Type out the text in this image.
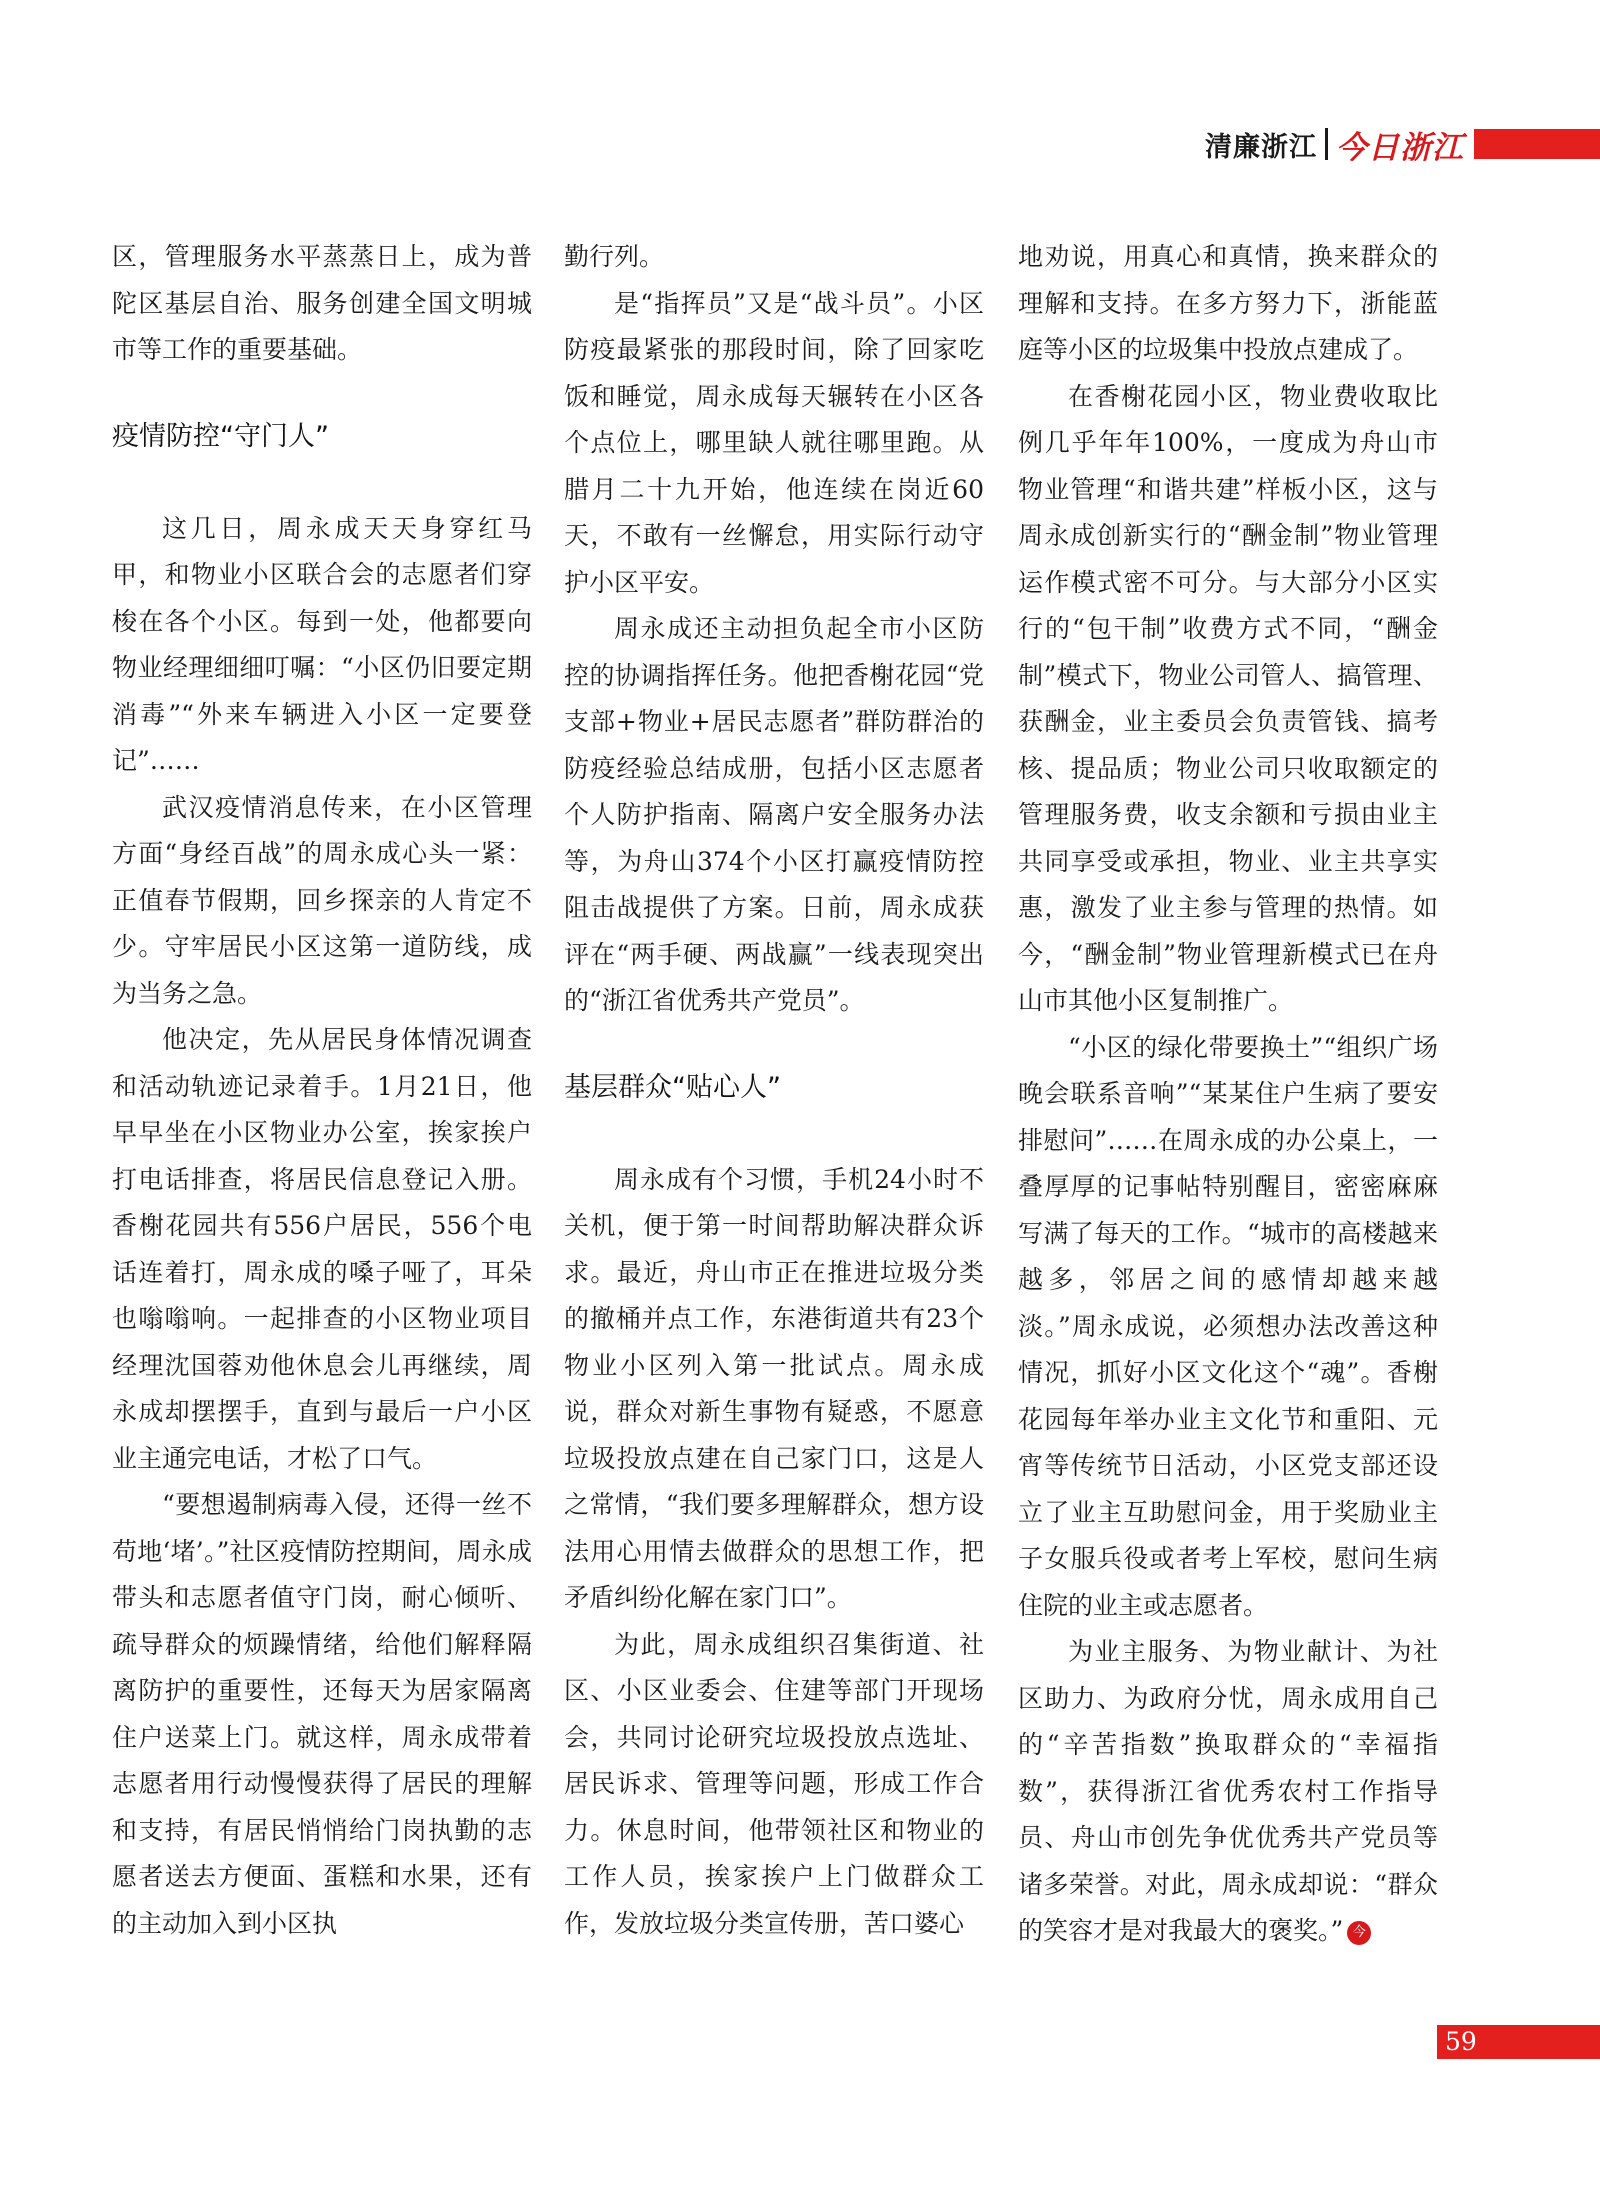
清廉浙江 今日浙江

区，管理服务水平蒸蒸日上，成为普陀区基层自治、服务创建全国文明城市等工作的重要基础。

疫情防控“守门人”

这几日，周永成天天身穿红马甲，和物业小区联合会的志愿者们穿梭在各个小区。每到一处，他都要向物业经理细细叮嘱：“小区仍旧要定期消毒”“外来车辆进入小区一定要登记”……

武汉疫情消息传来，在小区管理方面“身经百战”的周永成心头一紧：正值春节假期，回乡探亲的人肯定不少。守牢居民小区这第一道防线，成为当务之急。

他决定，先从居民身体情况调查和活动轨迹记录着手。1月21日，他早早坐在小区物业办公室，挨家挨户打电话排查，将居民信息登记入册。香榭花园共有556户居民，556个电话连着打，周永成的嗓子哑了，耳朵也嗡嗡响。一起排查的小区物业项目经理沈国蓉劝他休息会儿再继续，周永成却摆摆手，直到与最后一户小区业主通完电话，才松了口气。

“要想遏制病毒入侵，还得一丝不苟地‘堵’。”社区疫情防控期间，周永成带头和志愿者值守门岗，耐心倾听、疏导群众的烦躁情绪，给他们解释隔离防护的重要性，还每天为居家隔离住户送菜上门。就这样，周永成带着志愿者用行动慢慢获得了居民的理解和支持，有居民悄悄给门岗执勤的志愿者送去方便面、蛋糕和水果，还有的主动加入到小区执

勤行列。

是“指挥员”又是“战斗员”。小区防疫最紧张的那段时间，除了回家吃饭和睡觉，周永成每天辗转在小区各个点位上，哪里缺人就往哪里跑。从腊月二十九开始，他连续在岗近60天，不敢有一丝懈怠，用实际行动守护小区平安。

周永成还主动担负起全市小区防控的协调指挥任务。他把香榭花园“党支部+物业+居民志愿者”群防群治的防疫经验总结成册，包括小区志愿者个人防护指南、隔离户安全服务办法等，为舟山374个小区打赢疫情防控阻击战提供了方案。日前，周永成获评在“两手硬、两战赢”一线表现突出的“浙江省优秀共产党员”。

基层群众“贴心人”

周永成有个习惯，手机24小时不关机，便于第一时间帮助解决群众诉求。最近，舟山市正在推进垃圾分类的撤桶并点工作，东港街道共有23个物业小区列入第一批试点。周永成说，群众对新生事物有疑惑，不愿意垃圾投放点建在自己家门口，这是人之常情，“我们要多理解群众，想方设法用心用情去做群众的思想工作，把矛盾纠纷化解在家门口”。

为此，周永成组织召集街道、社区、小区业委会、住建等部门开现场会，共同讨论研究垃圾投放点选址、居民诉求、管理等问题，形成工作合力。休息时间，他带领社区和物业的工作人员，挨家挨户上门做群众工作，发放垃圾分类宣传册，苦口婆心

地劝说，用真心和真情，换来群众的理解和支持。在多方努力下，浙能蓝庭等小区的垃圾集中投放点建成了。

在香榭花园小区，物业费收取比例几乎年年100%，一度成为舟山市物业管理“和谐共建”样板小区，这与周永成创新实行的“酬金制”物业管理运作模式密不可分。与大部分小区实行的“包干制”收费方式不同，“酬金制”模式下，物业公司管人、搞管理、获酬金，业主委员会负责管钱、搞考核、提品质；物业公司只收取额定的管理服务费，收支余额和亏损由业主共同享受或承担，物业、业主共享实惠，激发了业主参与管理的热情。如今，“酬金制”物业管理新模式已在舟山市其他小区复制推广。

“小区的绿化带要换土”“组织广场晚会联系音响”“某某住户生病了要安排慰问”……在周永成的办公桌上，一叠厚厚的记事帖特别醒目，密密麻麻写满了每天的工作。“城市的高楼越来越多，邻居之间的感情却越来越淡。”周永成说，必须想办法改善这种情况，抓好小区文化这个“魂”。香榭花园每年举办业主文化节和重阳、元宵等传统节日活动，小区党支部还设立了业主互助慰问金，用于奖励业主子女服兵役或者考上军校，慰问生病住院的业主或志愿者。

为业主服务、为物业献计、为社区助力、为政府分忧，周永成用自己的“辛苦指数”换取群众的“幸福指数”，获得浙江省优秀农村工作指导员、舟山市创先争优优秀共产党员等诸多荣誉。对此，周永成却说：“群众的笑容才是对我最大的褒奖。” 今

59
